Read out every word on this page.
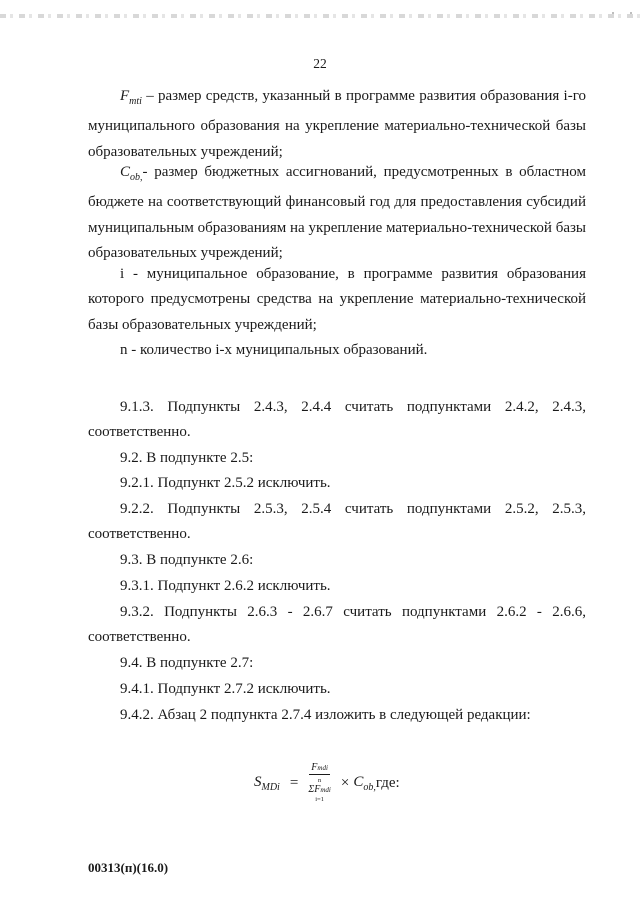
22

$F_{mti}$ – размер средств, указанный в программе развития образования i-го муниципального образования на укрепление материально-технической базы образовательных учреждений;

$C_{ob,}-$ размер бюджетных ассигнований, предусмотренных в областном бюджете на соответствующий финансовый год для предоставления субсидий муниципальным образованиям на укрепление материально-технической базы образовательных учреждений;

i - муниципальное образование, в программе развития образования которого предусмотрены средства на укрепление материально-технической базы образовательных учреждений;

n - количество i-х муниципальных образований.

9.1.3. Подпункты 2.4.3, 2.4.4 считать подпунктами 2.4.2, 2.4.3, соответственно.

9.2. В подпункте 2.5:

9.2.1. Подпункт 2.5.2 исключить.

9.2.2. Подпункты 2.5.3, 2.5.4 считать подпунктами 2.5.2, 2.5.3, соответственно.

9.3. В подпункте 2.6:

9.3.1. Подпункт 2.6.2 исключить.

9.3.2. Подпункты 2.6.3 - 2.6.7 считать подпунктами 2.6.2 - 2.6.6, соответственно.

9.4. В подпункте 2.7:

9.4.1. Подпункт 2.7.2 исключить.

9.4.2. Абзац 2 подпункта 2.7.4 изложить в следующей редакции:

$S_{MDi}$ = Fmdi
n
ΣFmdi
$i=1 \times C_{ob,}$ где:
00313(п)(16.0)
